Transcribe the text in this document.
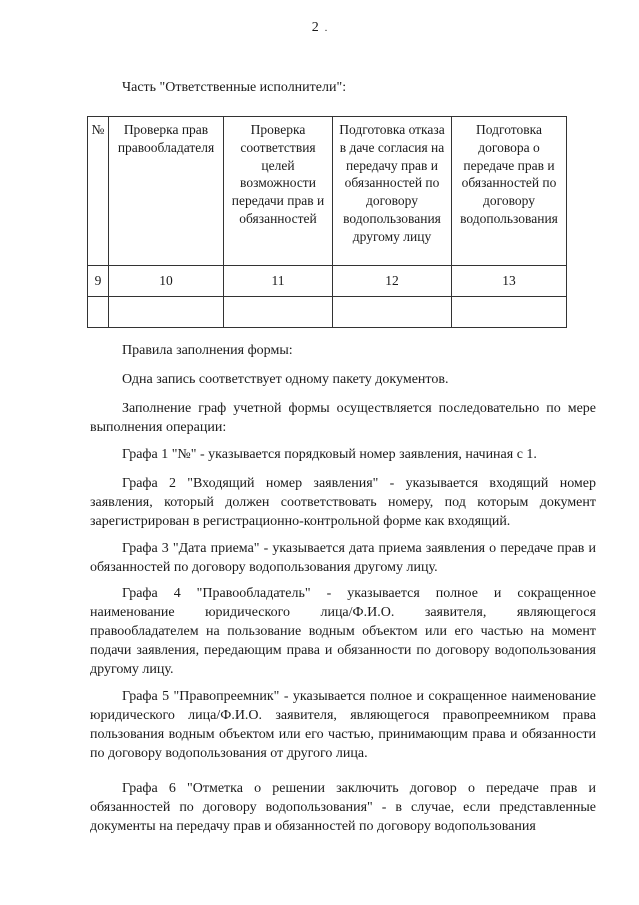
2 .
Часть "Ответственные исполнители":
№	Проверка прав правообладателя	Проверка соответствия целей возможности передачи прав и обязанностей	Подготовка отказа в даче согласия на передачу прав и обязанностей по договору водопользования другому лицу	Подготовка договора о передаче прав и обязанностей по договору водопользования
9	10	11	12	13

Правила заполнения формы:

Одна запись соответствует одному пакету документов.

Заполнение граф учетной формы осуществляется последовательно по мере выполнения операции:

Графа 1 "№" - указывается порядковый номер заявления, начиная с 1.

Графа 2 "Входящий номер заявления" - указывается входящий номер заявления, который должен соответствовать номеру, под которым документ зарегистрирован в регистрационно-контрольной форме как входящий.

Графа 3 "Дата приема" - указывается дата приема заявления о передаче прав и обязанностей по договору водопользования другому лицу.

Графа 4 "Правообладатель" - указывается полное и сокращенное наименование юридического лица/Ф.И.О. заявителя, являющегося правообладателем на пользование водным объектом или его частью на момент подачи заявления, передающим права и обязанности по договору водопользования другому лицу.

Графа 5 "Правопреемник" - указывается полное и сокращенное наименование юридического лица/Ф.И.О. заявителя, являющегося правопреемником права пользования водным объектом или его частью, принимающим права и обязанности по договору водопользования от другого лица.

Графа 6 "Отметка о решении заключить договор о передаче прав и обязанностей по договору водопользования" - в случае, если представленные документы на передачу прав и обязанностей по договору водопользования
